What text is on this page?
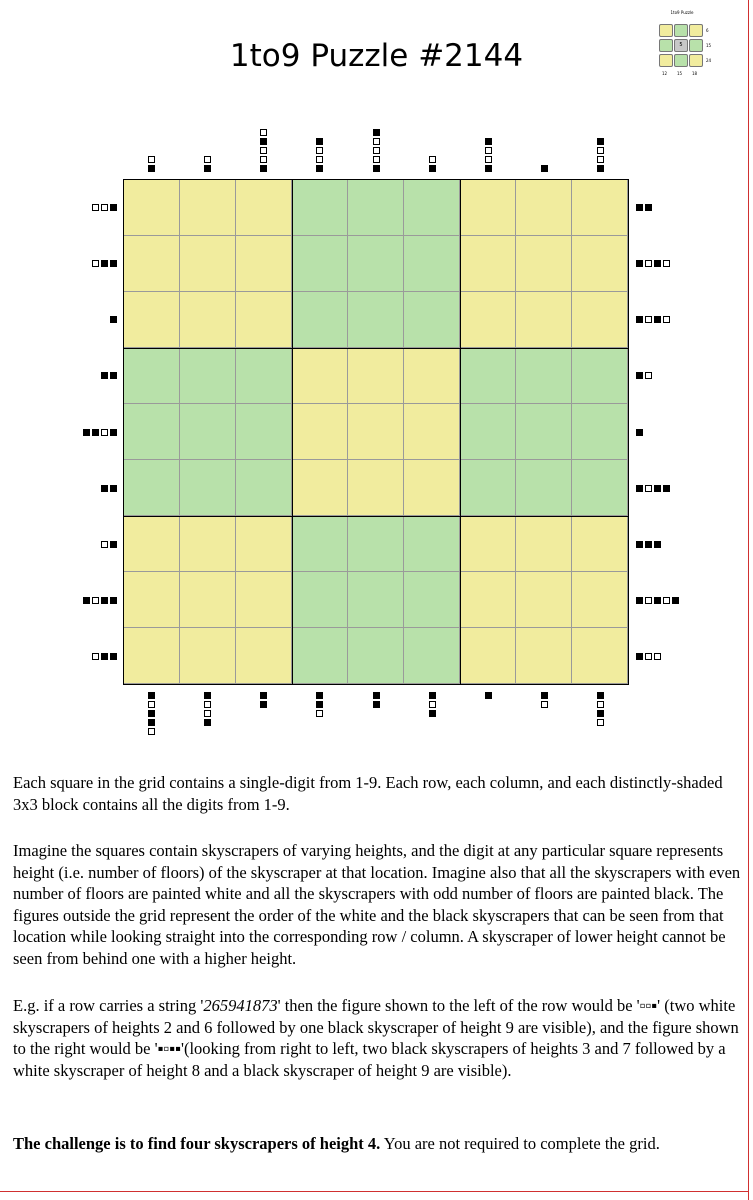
1to9 Puzzle #2144
1to9 Puzzle
5
6
15
24
12 15 18

Each square in the grid contains a single-digit from 1-9. Each row, each column, and each distinctly-shaded 3x3 block contains all the digits from 1-9.

Imagine the squares contain skyscrapers of varying heights, and the digit at any particular square represents height (i.e. number of floors) of the skyscraper at that location. Imagine also that all the skyscrapers with even number of floors are painted white and all the skyscrapers with odd number of floors are painted black. The figures outside the grid represent the order of the white and the black skyscrapers that can be seen from that location while looking straight into the corresponding row / column. A skyscraper of lower height cannot be seen from behind one with a higher height.

E.g. if a row carries a string '265941873' then the figure shown to the left of the row would be '▫▫▪' (two white skyscrapers of heights 2 and 6 followed by one black skyscraper of height 9 are visible), and the figure shown to the right would be '▪▫▪▪'(looking from right to left, two black skyscrapers of heights 3 and 7 followed by a white skyscraper of height 8 and a black skyscraper of height 9 are visible).

The challenge is to find four skyscrapers of height 4. You are not required to complete the grid.
